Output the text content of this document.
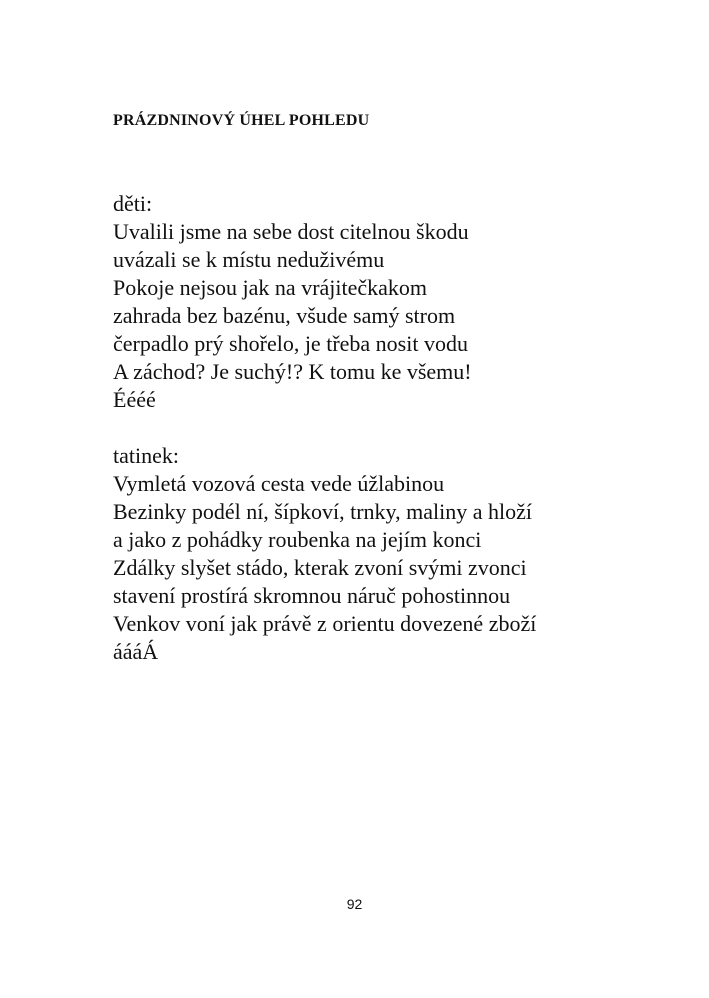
PRÁZDNINOVÝ ÚHEL POHLEDU

děti:
Uvalili jsme na sebe dost citelnou škodu
uvázali se k místu neduživému
Pokoje nejsou jak na vrájitečkakom
zahrada bez bazénu, všude samý strom
čerpadlo prý shořelo, je třeba nosit vodu
A záchod? Je suchý!? K tomu ke všemu!
Éééé

tatinek:
Vymletá vozová cesta vede úžlabinou
Bezinky podél ní, šípkoví, trnky, maliny a hloží
a jako z pohádky roubenka na jejím konci
Zdálky slyšet stádo, kterak zvoní svými zvonci
stavení prostírá skromnou náruč pohostinnou
Venkov voní jak právě z orientu dovezené zboží
áááÁ

92
